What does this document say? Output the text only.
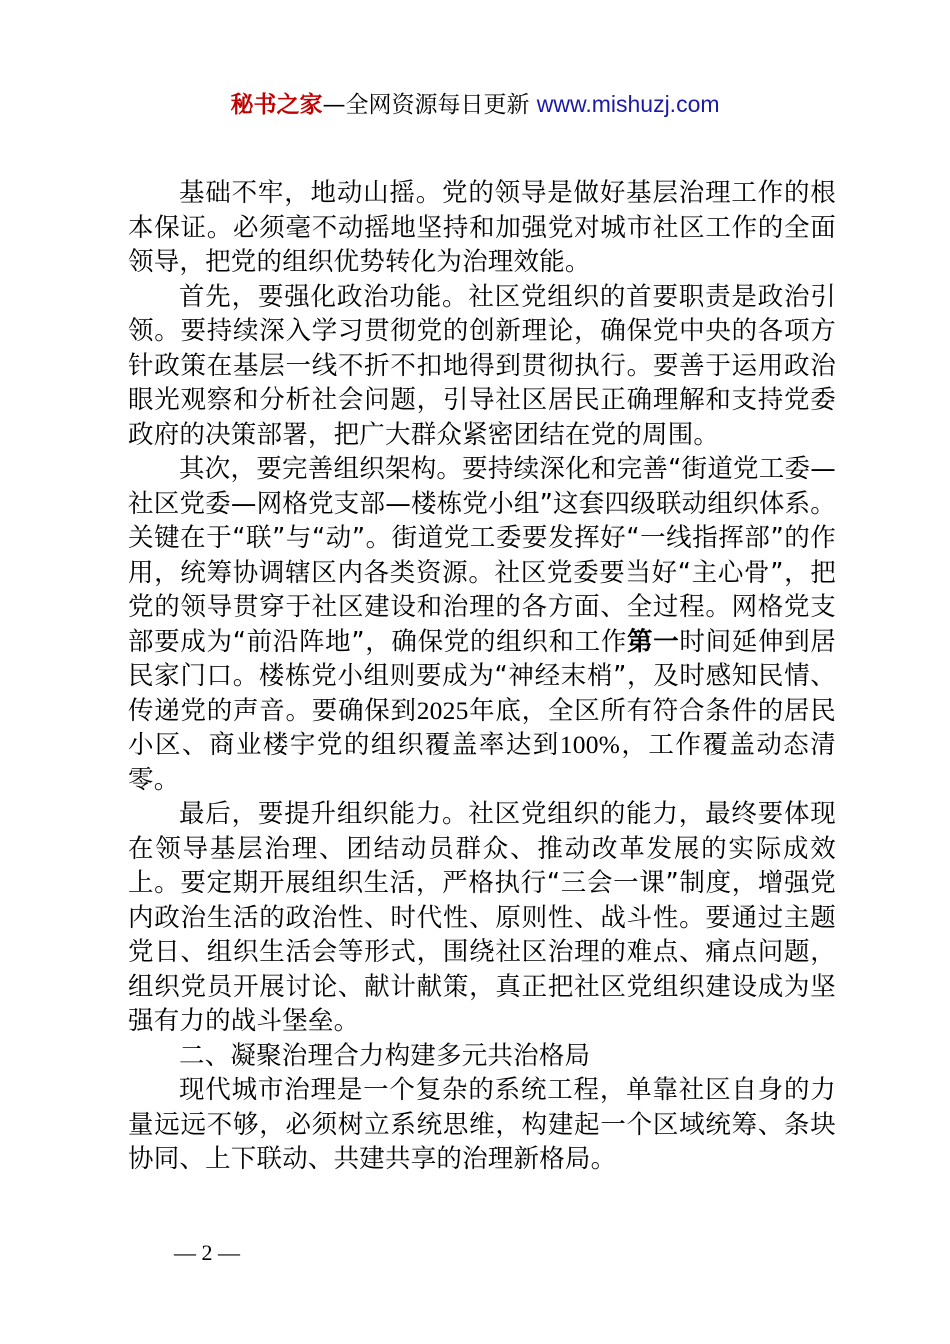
秘书之家—全网资源每日更新 www.mishuzj.com

基础不牢，地动山摇。党的领导是做好基层治理工作的根本保证。必须毫不动摇地坚持和加强党对城市社区工作的全面领导，把党的组织优势转化为治理效能。

首先，要强化政治功能。社区党组织的首要职责是政治引领。要持续深入学习贯彻党的创新理论，确保党中央的各项方针政策在基层一线不折不扣地得到贯彻执行。要善于运用政治眼光观察和分析社会问题，引导社区居民正确理解和支持党委政府的决策部署，把广大群众紧密团结在党的周围。

其次，要完善组织架构。要持续深化和完善“街道党工委—社区党委—网格党支部—楼栋党小组”这套四级联动组织体系。关键在于“联”与“动”。街道党工委要发挥好“一线指挥部”的作用，统筹协调辖区内各类资源。社区党委要当好“主心骨”，把党的领导贯穿于社区建设和治理的各方面、全过程。网格党支部要成为“前沿阵地”，确保党的组织和工作第一时间延伸到居民家门口。楼栋党小组则要成为“神经末梢”，及时感知民情、传递党的声音。要确保到2025年底，全区所有符合条件的居民小区、商业楼宇党的组织覆盖率达到100%，工作覆盖动态清零。

最后，要提升组织能力。社区党组织的能力，最终要体现在领导基层治理、团结动员群众、推动改革发展的实际成效上。要定期开展组织生活，严格执行“三会一课”制度，增强党内政治生活的政治性、时代性、原则性、战斗性。要通过主题党日、组织生活会等形式，围绕社区治理的难点、痛点问题，组织党员开展讨论、献计献策，真正把社区党组织建设成为坚强有力的战斗堡垒。

二、凝聚治理合力构建多元共治格局

现代城市治理是一个复杂的系统工程，单靠社区自身的力量远远不够，必须树立系统思维，构建起一个区域统筹、条块协同、上下联动、共建共享的治理新格局。

— 2 —
